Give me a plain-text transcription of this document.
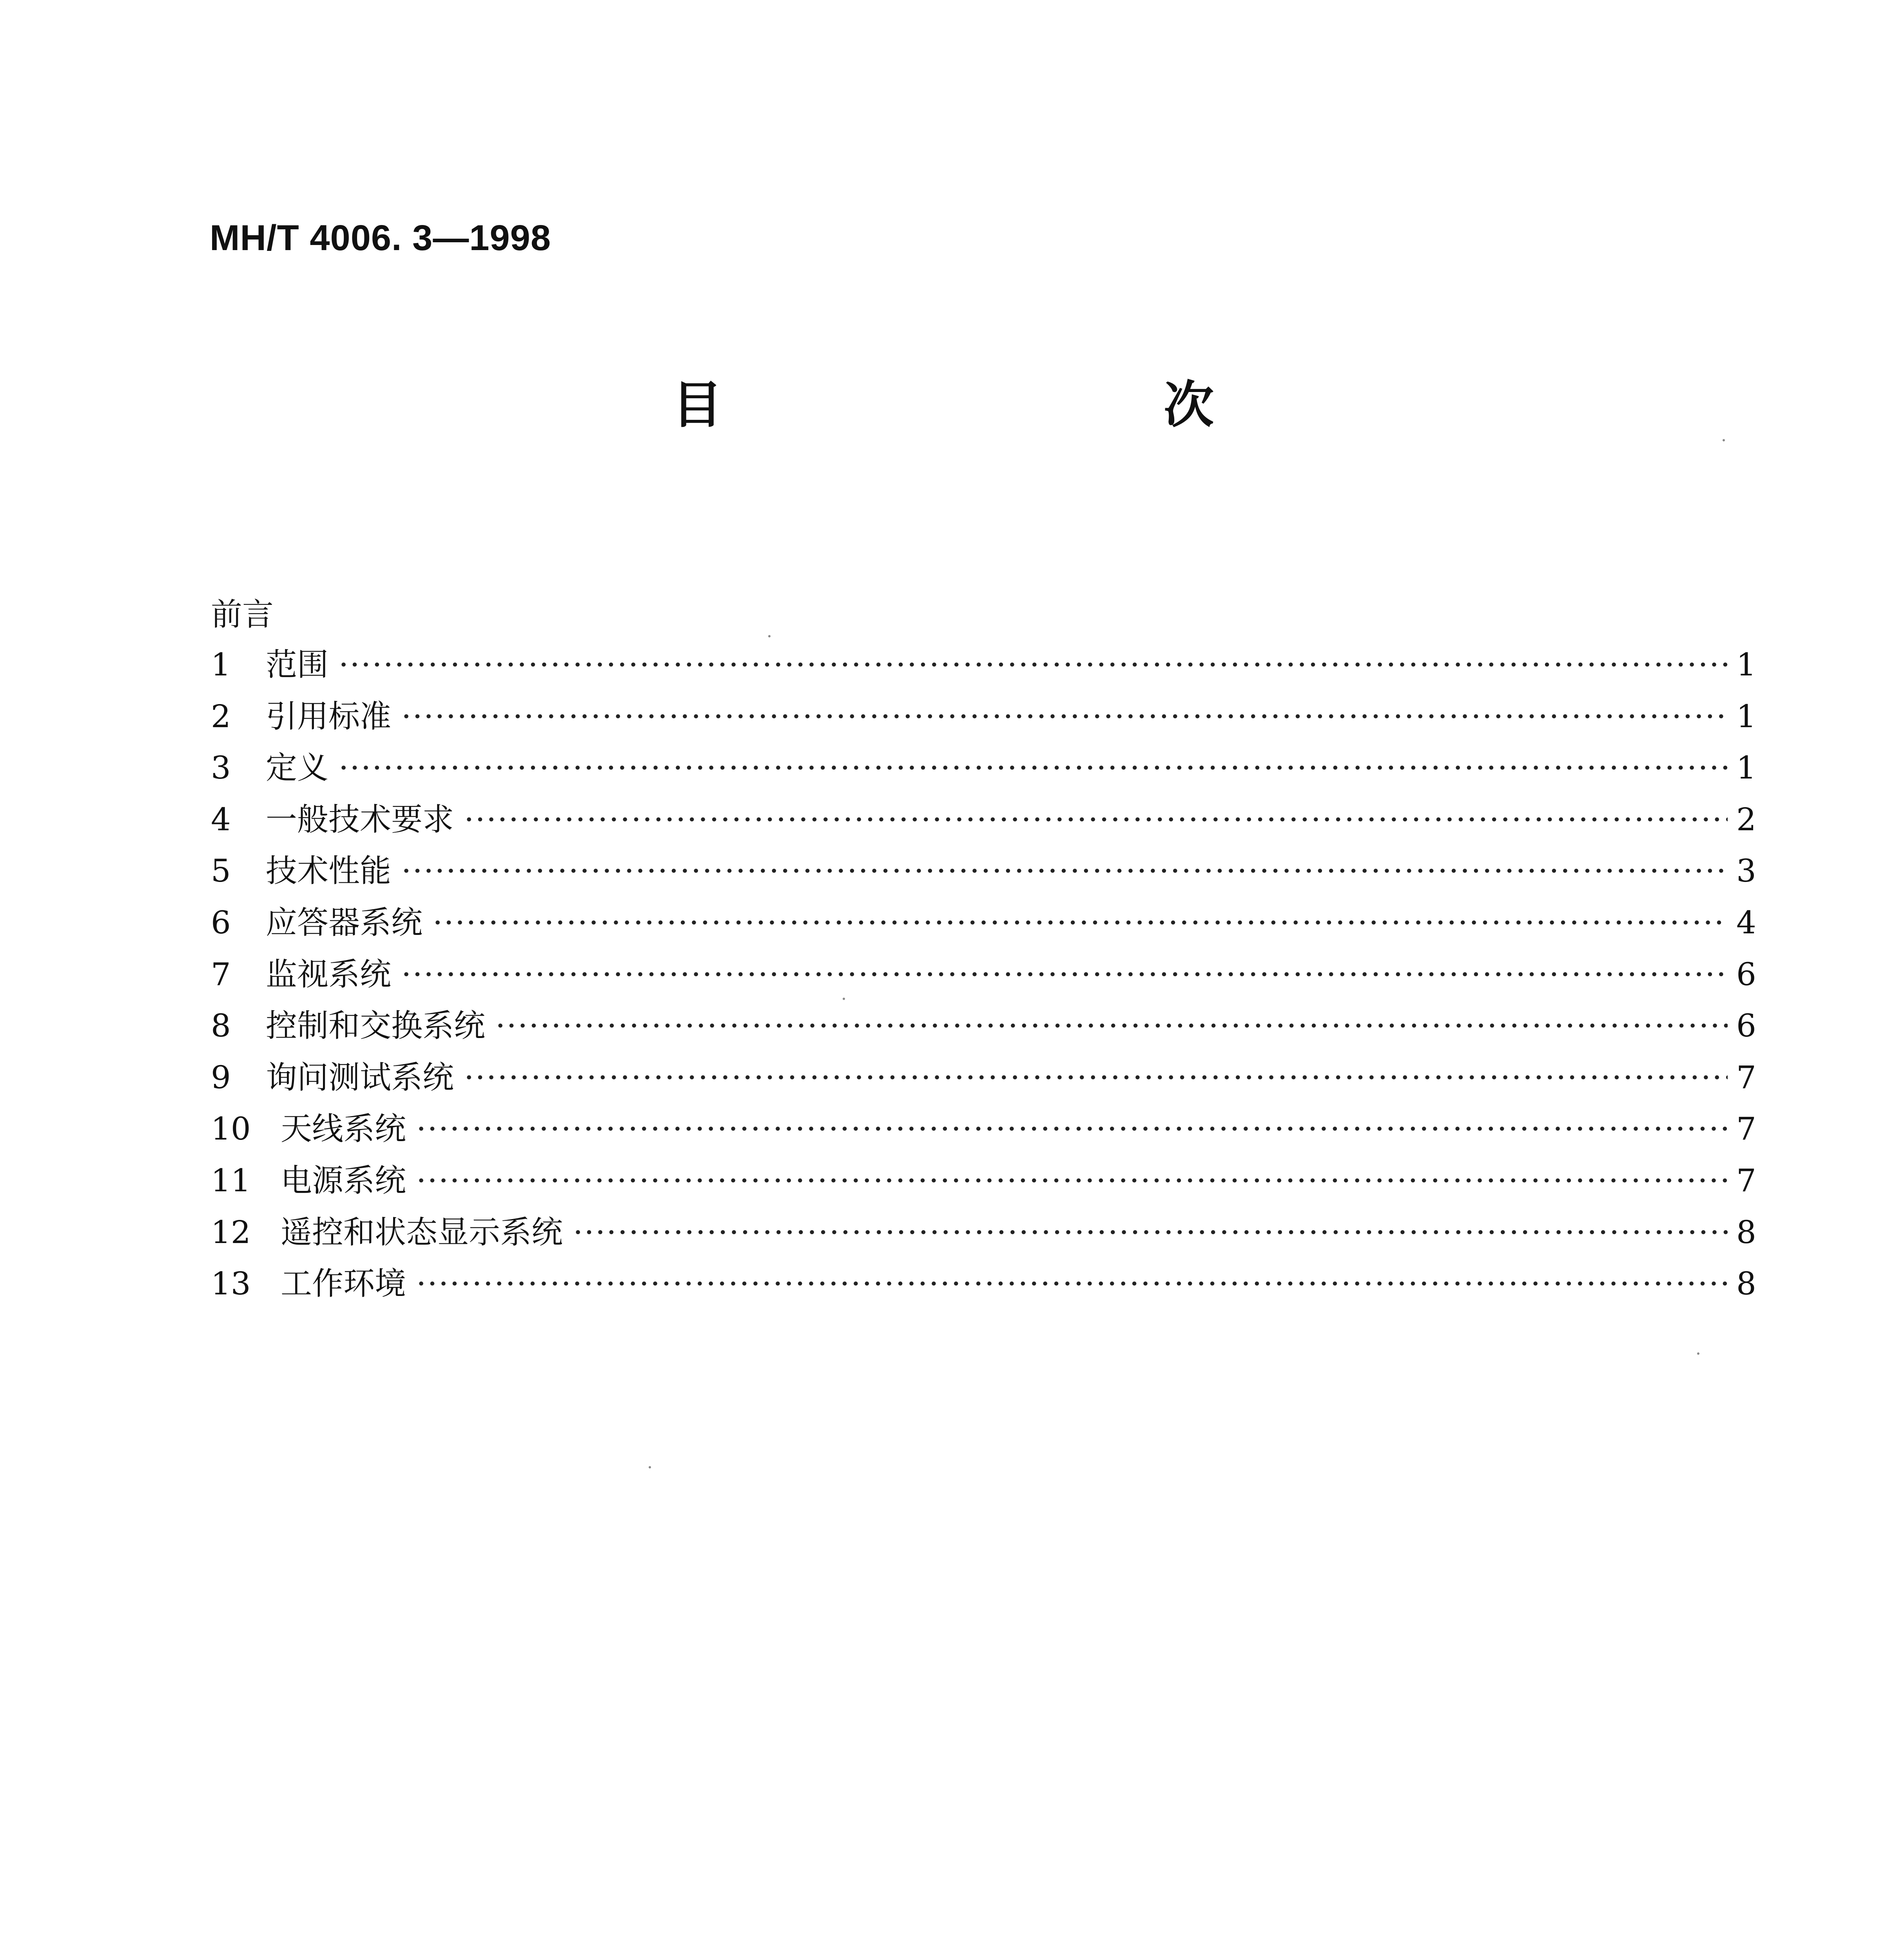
MH/T 4006. 3—1998
目　　次
前言
1	范围 ·····	1
2	引用标准 ·····	1
3	定义 ·····	1
4	一般技术要求 ·····	2
5	技术性能 ·····	3
6	应答器系统 ·····	4
7	监视系统 ·····	6
8	控制和交换系统 ·····	6
9	询问测试系统 ·····	7
10 天线系统 ·····	7
11 电源系统 ·····	7
12 遥控和状态显示系统 ·····	8
13 工作环境 ·····	8
